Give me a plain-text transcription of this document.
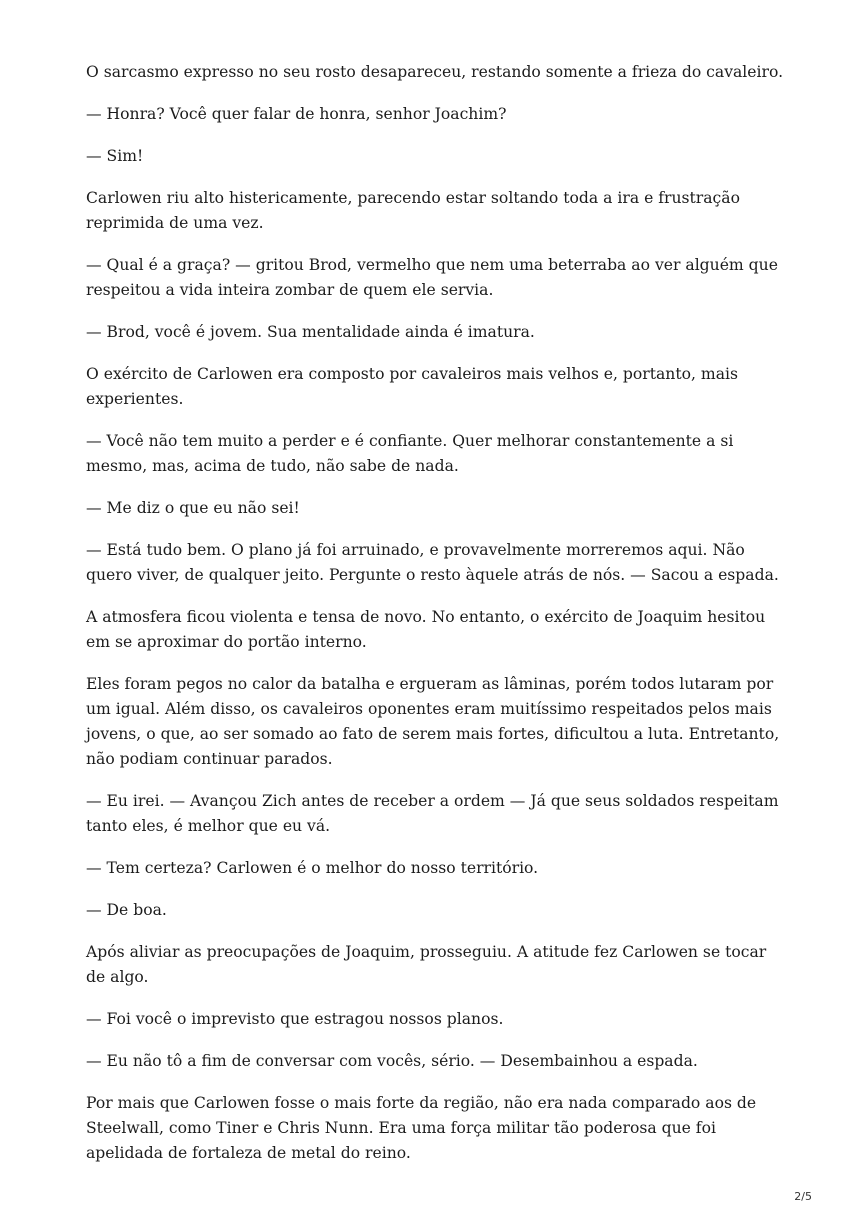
O sarcasmo expresso no seu rosto desapareceu, restando somente a frieza do cavaleiro.

— Honra? Você quer falar de honra, senhor Joachim?

— Sim!

Carlowen riu alto histericamente, parecendo estar soltando toda a ira e frustração reprimida de uma vez.

— Qual é a graça? — gritou Brod, vermelho que nem uma beterraba ao ver alguém que respeitou a vida inteira zombar de quem ele servia.

— Brod, você é jovem. Sua mentalidade ainda é imatura.

O exército de Carlowen era composto por cavaleiros mais velhos e, portanto, mais experientes.

— Você não tem muito a perder e é confiante. Quer melhorar constantemente a si mesmo, mas, acima de tudo, não sabe de nada.

— Me diz o que eu não sei!

— Está tudo bem. O plano já foi arruinado, e provavelmente morreremos aqui. Não quero viver, de qualquer jeito. Pergunte o resto àquele atrás de nós. — Sacou a espada.

A atmosfera ficou violenta e tensa de novo. No entanto, o exército de Joaquim hesitou em se aproximar do portão interno.

Eles foram pegos no calor da batalha e ergueram as lâminas, porém todos lutaram por um igual. Além disso, os cavaleiros oponentes eram muitíssimo respeitados pelos mais jovens, o que, ao ser somado ao fato de serem mais fortes, dificultou a luta. Entretanto, não podiam continuar parados.

— Eu irei. — Avançou Zich antes de receber a ordem — Já que seus soldados respeitam tanto eles, é melhor que eu vá.

— Tem certeza? Carlowen é o melhor do nosso território.

— De boa.

Após aliviar as preocupações de Joaquim, prosseguiu. A atitude fez Carlowen se tocar de algo.

— Foi você o imprevisto que estragou nossos planos.

— Eu não tô a fim de conversar com vocês, sério. — Desembainhou a espada.

Por mais que Carlowen fosse o mais forte da região, não era nada comparado aos de Steelwall, como Tiner e Chris Nunn. Era uma força militar tão poderosa que foi apelidada de fortaleza de metal do reino.

2/5
